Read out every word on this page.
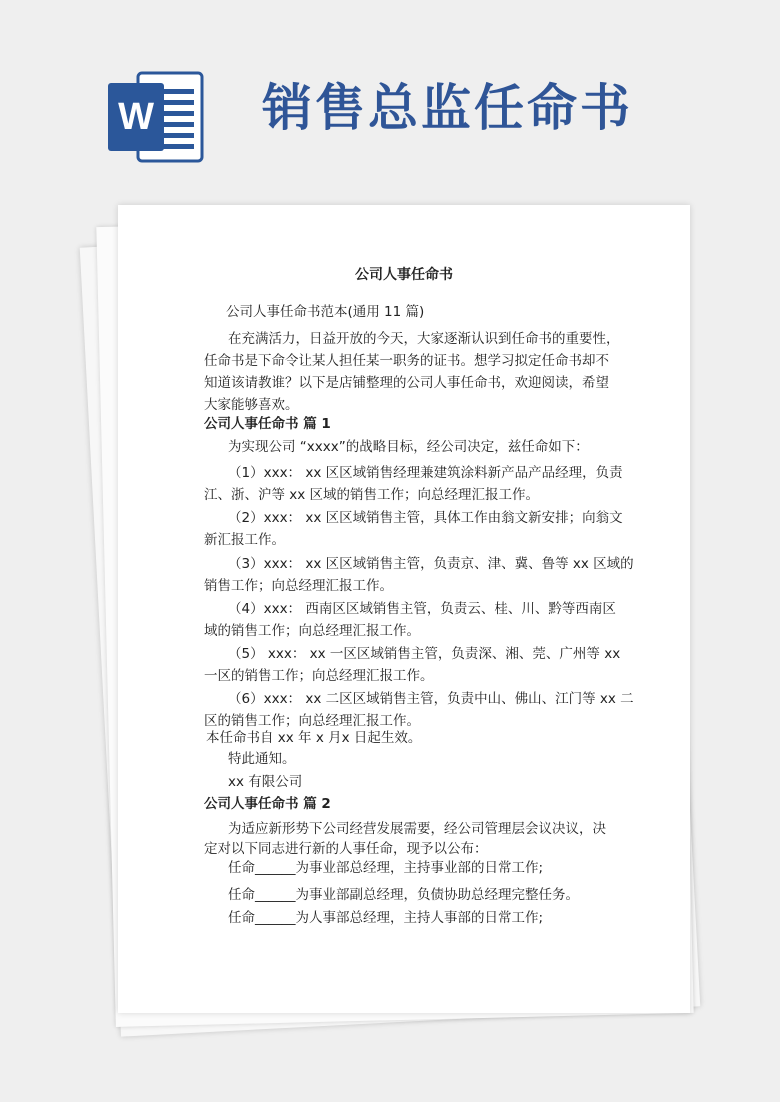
W 销售总监任命书
公司人事任命书
公司人事任命书范本(通用 11 篇)
在充满活力，日益开放的今天，大家逐渐认识到任命书的重要性，
任命书是下命令让某人担任某一职务的证书。想学习拟定任命书却不
知道该请教谁？以下是店铺整理的公司人事任命书，欢迎阅读，希望
大家能够喜欢。
公司人事任命书 篇 1
为实现公司 “xxxx”的战略目标，经公司决定，兹任命如下：
（1）xxx： xx 区区域销售经理兼建筑涂料新产品产品经理，负责
江、浙、沪等 xx 区域的销售工作；向总经理汇报工作。
（2）xxx： xx 区区域销售主管，具体工作由翁文新安排；向翁文
新汇报工作。
（3）xxx： xx 区区域销售主管，负责京、津、冀、鲁等 xx 区域的
销售工作；向总经理汇报工作。
（4）xxx： 西南区区域销售主管，负责云、桂、川、黔等西南区
域的销售工作；向总经理汇报工作。
（5） xxx： xx 一区区域销售主管，负责深、湘、莞、广州等 xx
一区的销售工作；向总经理汇报工作。
（6）xxx： xx 二区区域销售主管，负责中山、佛山、江门等 xx 二
区的销售工作；向总经理汇报工作。
本任命书自 xx 年 x 月x 日起生效。
特此通知。
xx 有限公司
公司人事任命书 篇 2
为适应新形势下公司经营发展需要，经公司管理层会议决议，决
定对以下同志进行新的人事任命，现予以公布：
任命______为事业部总经理，主持事业部的日常工作;
任命______为事业部副总经理，负债协助总经理完整任务。
任命______为人事部总经理，主持人事部的日常工作;
